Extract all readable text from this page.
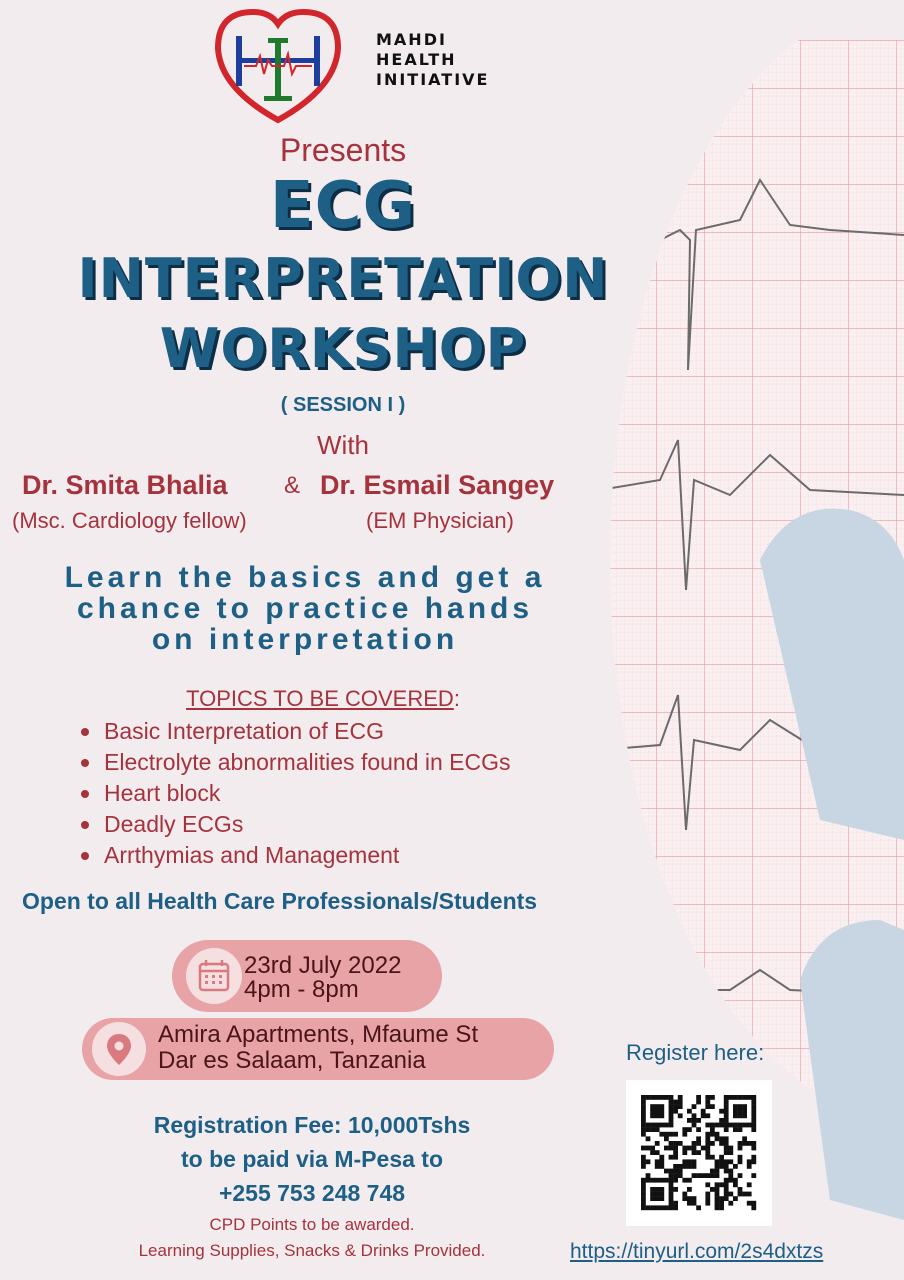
MAHDI
HEALTH
INITIATIVE
Presents
ECG
INTERPRETATION
WORKSHOP
( SESSION I )
With
Dr. Smita Bhalia & Dr. Esmail Sangey
(Msc. Cardiology fellow)	(EM Physician)
Learn the basics and get a
chance to practice hands
on interpretation
TOPICS TO BE COVERED:
Basic Interpretation of ECG
Electrolyte abnormalities found in ECGs
Heart block
Deadly ECGs
Arrthymias and Management
Open to all Health Care Professionals/Students
23rd July 2022
4pm - 8pm
Amira Apartments, Mfaume St
Dar es Salaam, Tanzania
Registration Fee: 10,000Tshs
to be paid via M-Pesa to
+255 753 248 748
CPD Points to be awarded.
Learning Supplies, Snacks & Drinks Provided.
Register here:
https://tinyurl.com/2s4dxtzs
